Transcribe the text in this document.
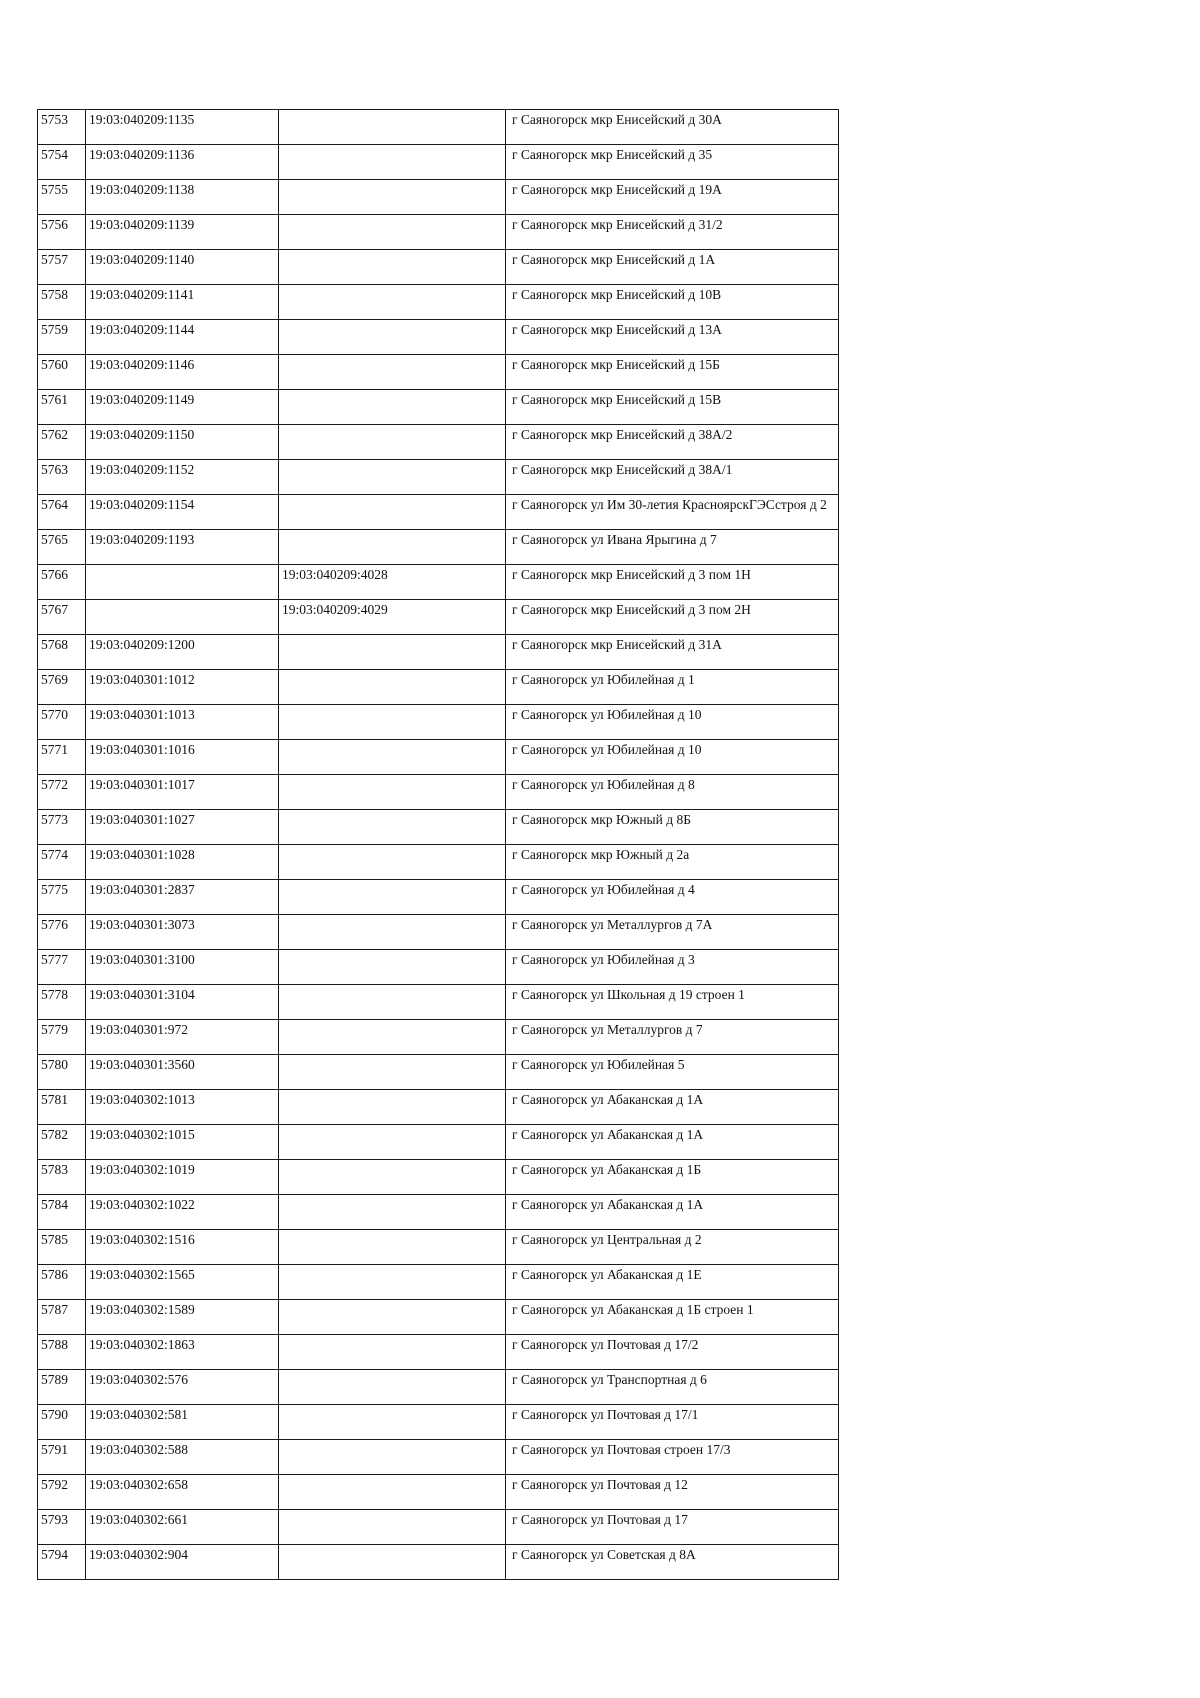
5753	19:03:040209:1135		г Саяногорск мкр Енисейский д 30А
5754	19:03:040209:1136		г Саяногорск мкр Енисейский д 35
5755	19:03:040209:1138		г Саяногорск мкр Енисейский д 19А
5756	19:03:040209:1139		г Саяногорск мкр Енисейский д 31/2
5757	19:03:040209:1140		г Саяногорск мкр Енисейский д 1А
5758	19:03:040209:1141		г Саяногорск мкр Енисейский д 10В
5759	19:03:040209:1144		г Саяногорск мкр Енисейский д 13А
5760	19:03:040209:1146		г Саяногорск мкр Енисейский д 15Б
5761	19:03:040209:1149		г Саяногорск мкр Енисейский д 15В
5762	19:03:040209:1150		г Саяногорск мкр Енисейский д 38А/2
5763	19:03:040209:1152		г Саяногорск мкр Енисейский д 38А/1
5764	19:03:040209:1154		г Саяногорск ул Им 30-летия КрасноярскГЭСстроя д 2
5765	19:03:040209:1193		г Саяногорск ул Ивана Ярыгина д 7
5766		19:03:040209:4028	г Саяногорск мкр Енисейский д 3 пом 1Н
5767		19:03:040209:4029	г Саяногорск мкр Енисейский д 3 пом 2Н
5768	19:03:040209:1200		г Саяногорск мкр Енисейский д 31А
5769	19:03:040301:1012		г Саяногорск ул Юбилейная д 1
5770	19:03:040301:1013		г Саяногорск ул Юбилейная д 10
5771	19:03:040301:1016		г Саяногорск ул Юбилейная д 10
5772	19:03:040301:1017		г Саяногорск ул Юбилейная д 8
5773	19:03:040301:1027		г Саяногорск мкр Южный д 8Б
5774	19:03:040301:1028		г Саяногорск мкр Южный д 2а
5775	19:03:040301:2837		г Саяногорск ул Юбилейная д 4
5776	19:03:040301:3073		г Саяногорск ул Металлургов д 7А
5777	19:03:040301:3100		г Саяногорск ул Юбилейная д 3
5778	19:03:040301:3104		г Саяногорск ул Школьная д 19 строен 1
5779	19:03:040301:972		г Саяногорск ул Металлургов д 7
5780	19:03:040301:3560		г Саяногорск ул Юбилейная 5
5781	19:03:040302:1013		г Саяногорск ул Абаканская д 1А
5782	19:03:040302:1015		г Саяногорск ул Абаканская д 1А
5783	19:03:040302:1019		г Саяногорск ул Абаканская д 1Б
5784	19:03:040302:1022		г Саяногорск ул Абаканская д 1А
5785	19:03:040302:1516		г Саяногорск ул Центральная д 2
5786	19:03:040302:1565		г Саяногорск ул Абаканская д 1Е
5787	19:03:040302:1589		г Саяногорск ул Абаканская д 1Б строен 1
5788	19:03:040302:1863		г Саяногорск ул Почтовая д 17/2
5789	19:03:040302:576		г Саяногорск ул Транспортная д 6
5790	19:03:040302:581		г Саяногорск ул Почтовая д 17/1
5791	19:03:040302:588		г Саяногорск ул Почтовая строен 17/3
5792	19:03:040302:658		г Саяногорск ул Почтовая д 12
5793	19:03:040302:661		г Саяногорск ул Почтовая д 17
5794	19:03:040302:904		г Саяногорск ул Советская д 8А
